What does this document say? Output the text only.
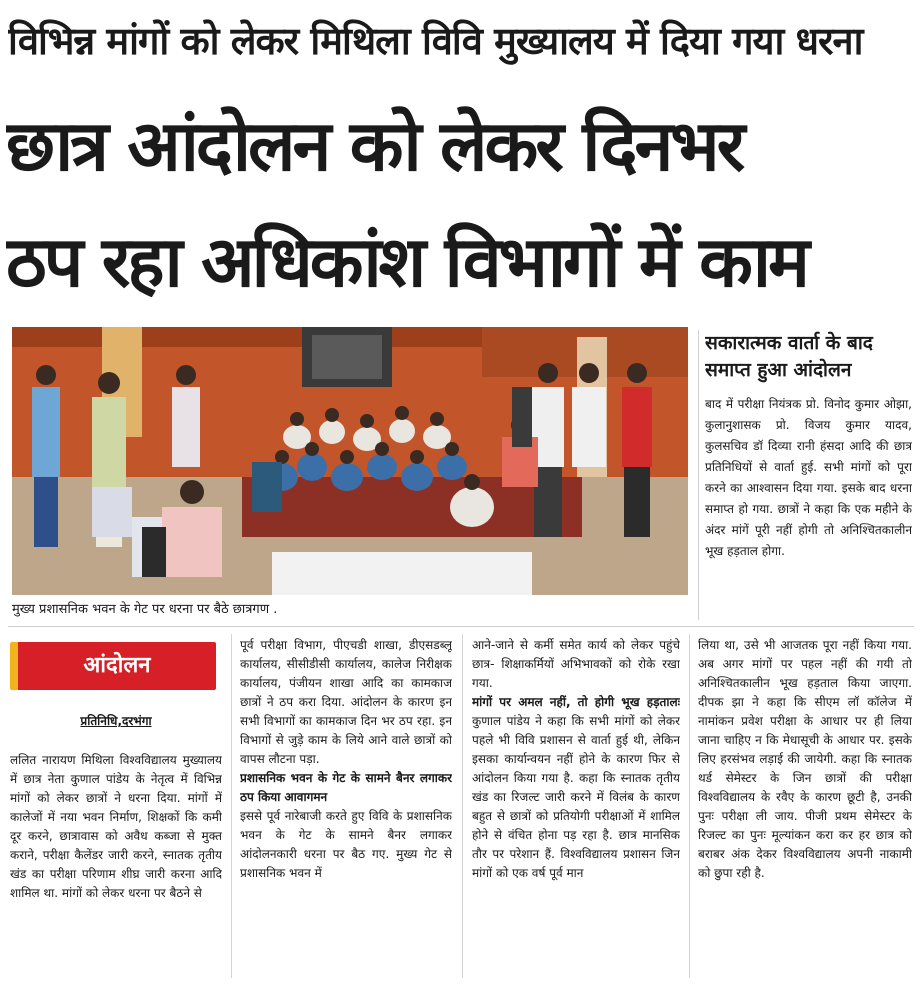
विभिन्न मांगों को लेकर मिथिला विवि मुख्यालय में दिया गया धरना
छात्र आंदोलन को लेकर दिनभर
ठप रहा अधिकांश विभागों में काम
मुख्य प्रशासनिक भवन के गेट पर धरना पर बैठे छात्रगण .
सकारात्मक वार्ता के बाद समाप्त हुआ आंदोलन
बाद में परीक्षा नियंत्रक प्रो. विनोद कुमार ओझा, कुलानुशासक प्रो. विजय कुमार यादव, कुलसचिव डॉ दिव्या रानी हंसदा आदि की छात्र प्रतिनिधियों से वार्ता हुई. सभी मांगों को पूरा करने का आश्वासन दिया गया. इसके बाद धरना समाप्त हो गया. छात्रों ने कहा कि एक महीने के अंदर मांगें पूरी नहीं होगी तो अनिश्चितकालीन भूख हड़ताल होगा.
आंदोलन
प्रतिनिधि,दरभंगा
ललित नारायण मिथिला विश्वविद्यालय मुख्यालय में छात्र नेता कुणाल पांडेय के नेतृत्व में विभिन्न मांगों को लेकर छात्रों ने धरना दिया. मांगों में कालेजों में नया भवन निर्माण, शिक्षकों कि कमी दूर करने, छात्रावास को अवैध कब्जा से मुक्त कराने, परीक्षा कैलेंडर जारी करने, स्नातक तृतीय खंड का परीक्षा परिणाम शीघ्र जारी करना आदि शामिल था. मांगों को लेकर धरना पर बैठने से
पूर्व परीक्षा विभाग, पीएचडी शाखा, डीएसडब्लू कार्यालय, सीसीडीसी कार्यालय, कालेज निरीक्षक कार्यालय, पंजीयन शाखा आदि का कामकाज छात्रों ने ठप करा दिया. आंदोलन के कारण इन सभी विभागों का कामकाज दिन भर ठप रहा. इन विभागों से जुड़े काम के लिये आने वाले छात्रों को वापस लौटना पड़ा.
प्रशासनिक भवन के गेट के सामने बैनर लगाकर ठप किया आवागमन
इससे पूर्व नारेबाजी करते हुए विवि के प्रशासनिक भवन के गेट के सामने बैनर लगाकर आंदोलनकारी धरना पर बैठ गए. मुख्य गेट से प्रशासनिक भवन में
आने-जाने से कर्मी समेत कार्य को लेकर पहुंचे छात्र- शिक्षाकर्मियों अभिभावकों को रोके रखा गया.
मांगों पर अमल नहीं, तो होगी भूख हड़तालः कुणाल पांडेय ने कहा कि सभी मांगों को लेकर पहले भी विवि प्रशासन से वार्ता हुई थी, लेकिन इसका कार्यान्वयन नहीं होने के कारण फिर से आंदोलन किया गया है. कहा कि स्नातक तृतीय खंड का रिजल्ट जारी करने में विलंब के कारण बहुत से छात्रों को प्रतियोगी परीक्षाओं में शामिल होने से वंचित होना पड़ रहा है. छात्र मानसिक तौर पर परेशान हैं. विश्वविद्यालय प्रशासन जिन मांगों को एक वर्ष पूर्व मान
लिया था, उसे भी आजतक पूरा नहीं किया गया. अब अगर मांगों पर पहल नहीं की गयी तो अनिश्चितकालीन भूख हड़ताल किया जाएगा. दीपक झा ने कहा कि सीएम लॉ कॉलेज में नामांकन प्रवेश परीक्षा के आधार पर ही लिया जाना चाहिए न कि मेधासूची के आधार पर. इसके लिए हरसंभव लड़ाई की जायेगी. कहा कि स्नातक थर्ड सेमेस्टर के जिन छात्रों की परीक्षा विश्वविद्यालय के रवैए के कारण छूटी है, उनकी पुनः परीक्षा ली जाय. पीजी प्रथम सेमेस्टर के रिजल्ट का पुनः मूल्यांकन करा कर हर छात्र को बराबर अंक देकर विश्वविद्यालय अपनी नाकामी को छुपा रही है.
